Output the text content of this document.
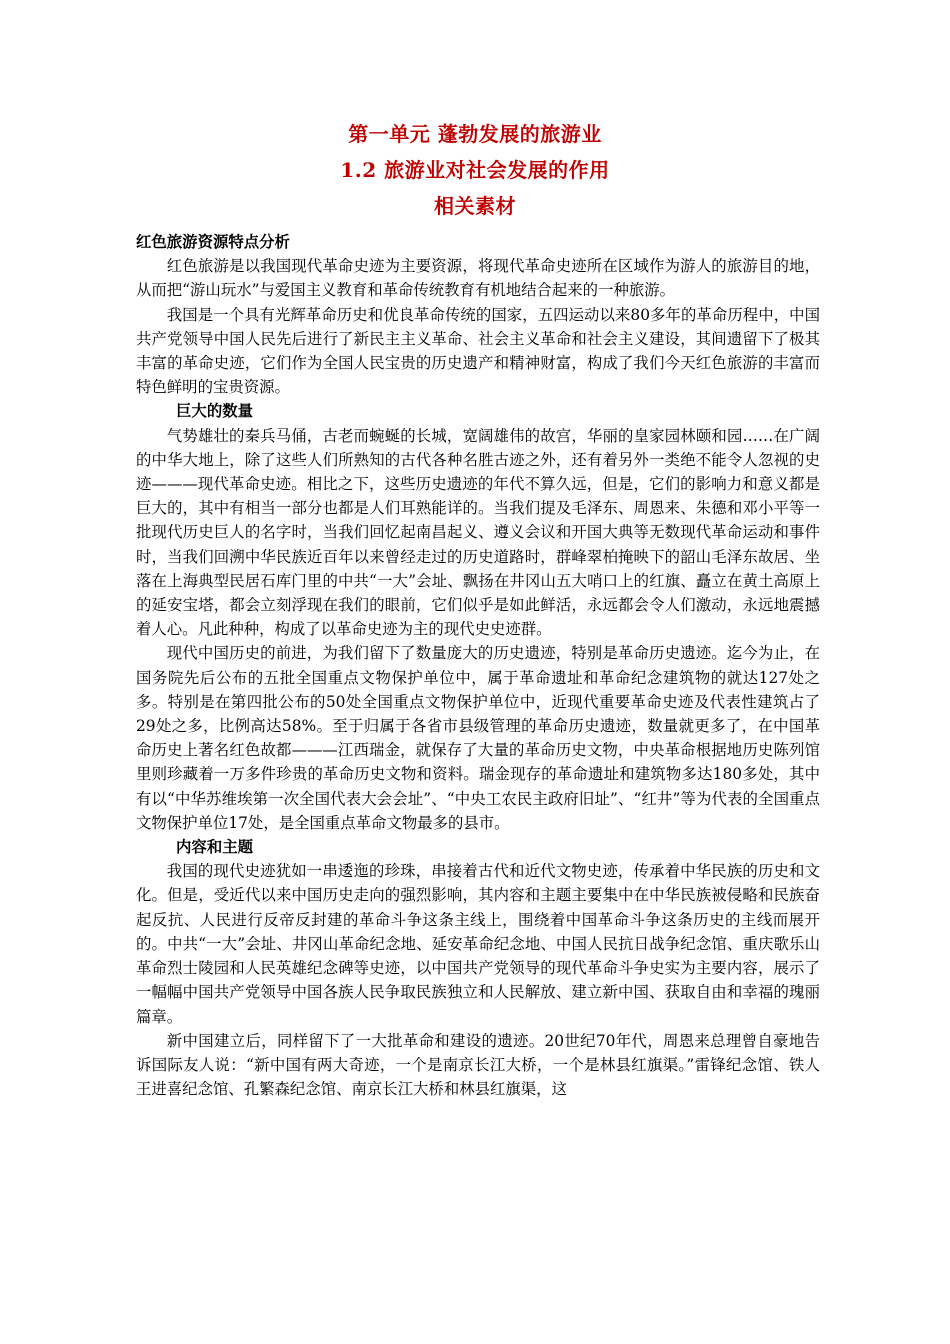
第一单元 蓬勃发展的旅游业
1.2 旅游业对社会发展的作用
相关素材
红色旅游资源特点分析

红色旅游是以我国现代革命史迹为主要资源，将现代革命史迹所在区域作为游人的旅游目的地，从而把“游山玩水”与爱国主义教育和革命传统教育有机地结合起来的一种旅游。

我国是一个具有光辉革命历史和优良革命传统的国家，五四运动以来80多年的革命历程中，中国共产党领导中国人民先后进行了新民主主义革命、社会主义革命和社会主义建设，其间遗留下了极其丰富的革命史迹，它们作为全国人民宝贵的历史遗产和精神财富，构成了我们今天红色旅游的丰富而特色鲜明的宝贵资源。

巨大的数量

气势雄壮的秦兵马俑，古老而蜿蜒的长城，宽阔雄伟的故宫，华丽的皇家园林颐和园……在广阔的中华大地上，除了这些人们所熟知的古代各种名胜古迹之外，还有着另外一类绝不能令人忽视的史迹———现代革命史迹。相比之下，这些历史遗迹的年代不算久远，但是，它们的影响力和意义都是巨大的，其中有相当一部分也都是人们耳熟能详的。当我们提及毛泽东、周恩来、朱德和邓小平等一批现代历史巨人的名字时，当我们回忆起南昌起义、遵义会议和开国大典等无数现代革命运动和事件时，当我们回溯中华民族近百年以来曾经走过的历史道路时，群峰翠柏掩映下的韶山毛泽东故居、坐落在上海典型民居石库门里的中共“一大”会址、飘扬在井冈山五大哨口上的红旗、矗立在黄土高原上的延安宝塔，都会立刻浮现在我们的眼前，它们似乎是如此鲜活，永远都会令人们激动，永远地震撼着人心。凡此种种，构成了以革命史迹为主的现代史史迹群。

现代中国历史的前进，为我们留下了数量庞大的历史遗迹，特别是革命历史遗迹。迄今为止，在国务院先后公布的五批全国重点文物保护单位中，属于革命遗址和革命纪念建筑物的就达127处之多。特别是在第四批公布的50处全国重点文物保护单位中，近现代重要革命史迹及代表性建筑占了29处之多，比例高达58%。至于归属于各省市县级管理的革命历史遗迹，数量就更多了，在中国革命历史上著名红色故都———江西瑞金，就保存了大量的革命历史文物，中央革命根据地历史陈列馆里则珍藏着一万多件珍贵的革命历史文物和资料。瑞金现存的革命遗址和建筑物多达180多处，其中有以“中华苏维埃第一次全国代表大会会址”、“中央工农民主政府旧址”、“红井”等为代表的全国重点文物保护单位17处，是全国重点革命文物最多的县市。

内容和主题

我国的现代史迹犹如一串逶迤的珍珠，串接着古代和近代文物史迹，传承着中华民族的历史和文化。但是，受近代以来中国历史走向的强烈影响，其内容和主题主要集中在中华民族被侵略和民族奋起反抗、人民进行反帝反封建的革命斗争这条主线上，围绕着中国革命斗争这条历史的主线而展开的。中共“一大”会址、井冈山革命纪念地、延安革命纪念地、中国人民抗日战争纪念馆、重庆歌乐山革命烈士陵园和人民英雄纪念碑等史迹，以中国共产党领导的现代革命斗争史实为主要内容，展示了一幅幅中国共产党领导中国各族人民争取民族独立和人民解放、建立新中国、获取自由和幸福的瑰丽篇章。

新中国建立后，同样留下了一大批革命和建设的遗迹。20世纪70年代，周恩来总理曾自豪地告诉国际友人说：“新中国有两大奇迹，一个是南京长江大桥，一个是林县红旗渠。”雷锋纪念馆、铁人王进喜纪念馆、孔繁森纪念馆、南京长江大桥和林县红旗渠，这
